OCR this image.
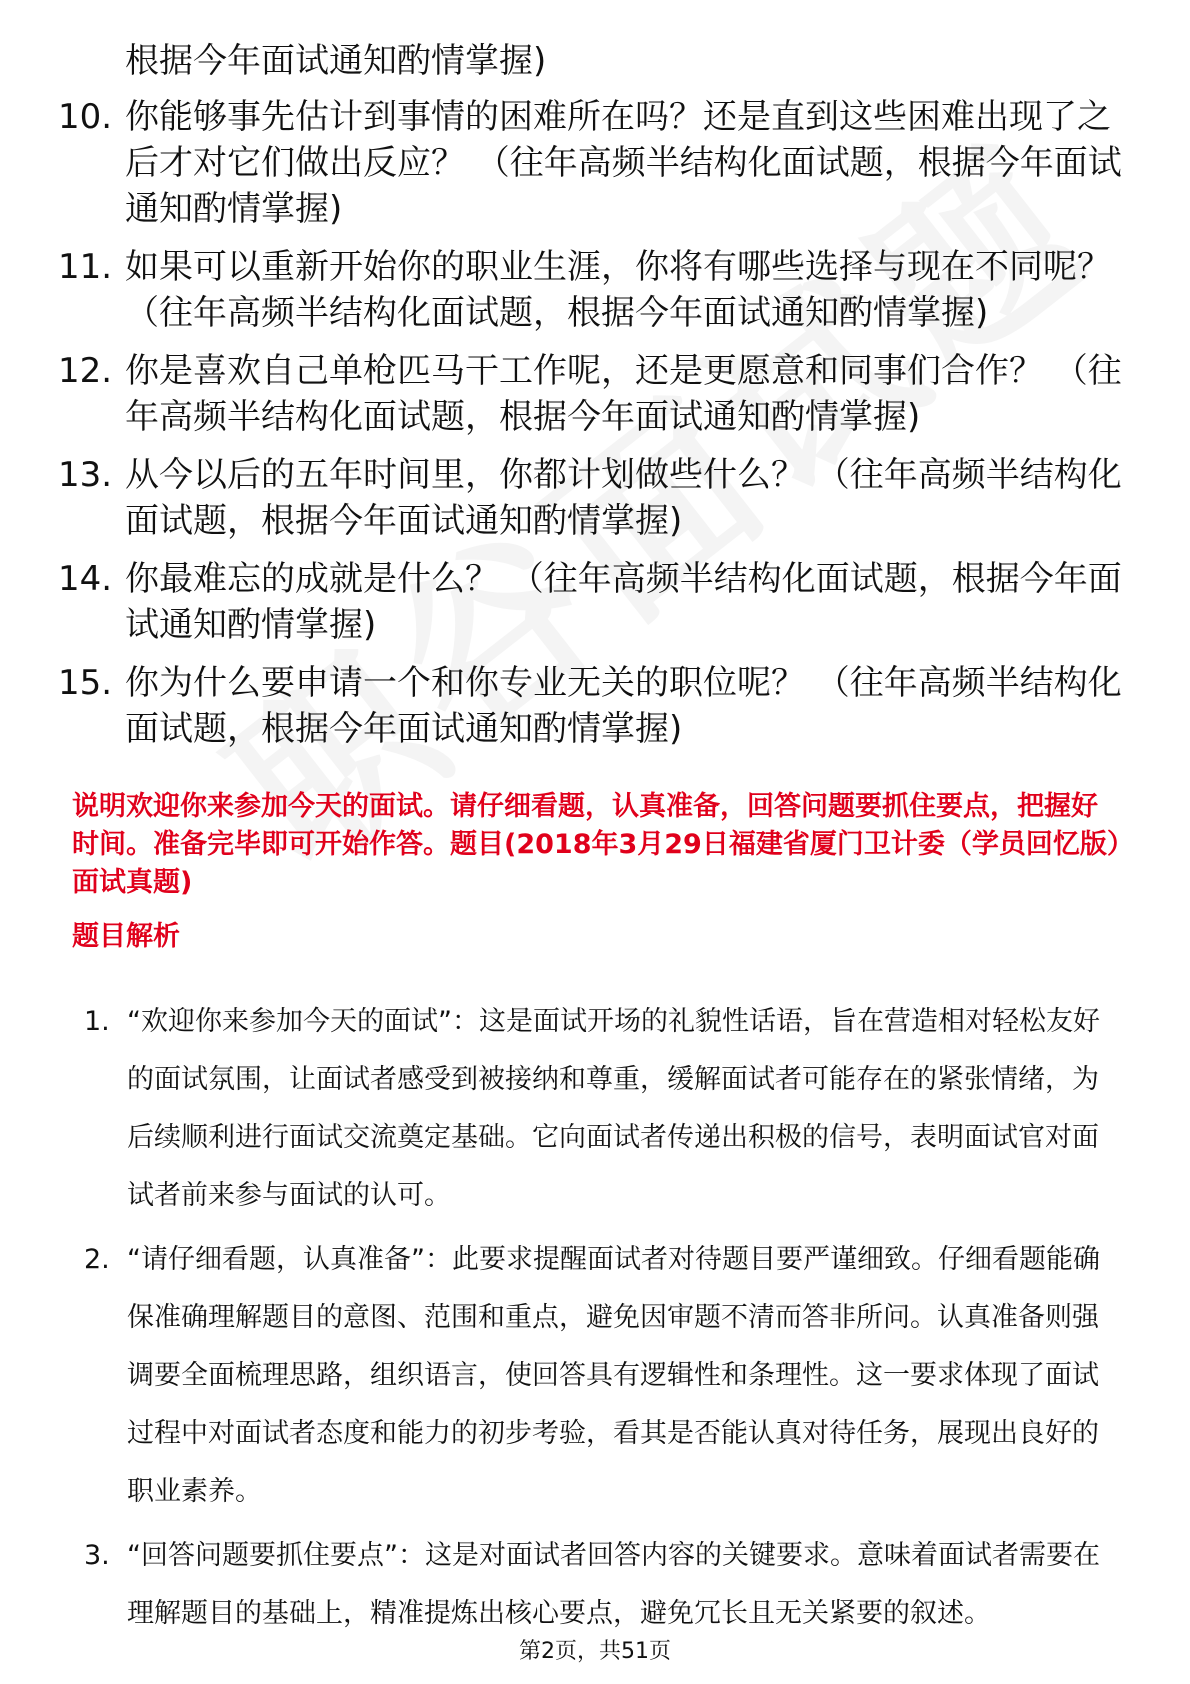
根据今年面试通知酌情掌握)
10. 你能够事先估计到事情的困难所在吗？还是直到这些困难出现了之后才对它们做出反应？ （往年高频半结构化面试题，根据今年面试通知酌情掌握)
11. 如果可以重新开始你的职业生涯，你将有哪些选择与现在不同呢？ （往年高频半结构化面试题，根据今年面试通知酌情掌握)
12. 你是喜欢自己单枪匹马干工作呢，还是更愿意和同事们合作？ （往年高频半结构化面试题，根据今年面试通知酌情掌握)
13. 从今以后的五年时间里，你都计划做些什么？ （往年高频半结构化面试题，根据今年面试通知酌情掌握)
14. 你最难忘的成就是什么？ （往年高频半结构化面试题，根据今年面试通知酌情掌握)
15. 你为什么要申请一个和你专业无关的职位呢？ （往年高频半结构化面试题，根据今年面试通知酌情掌握)
说明欢迎你来参加今天的面试。请仔细看题，认真准备，回答问题要抓住要点，把握好时间。准备完毕即可开始作答。题目(2018年3月29日福建省厦门卫计委（学员回忆版）面试真题)
题目解析
1. “欢迎你来参加今天的面试”：这是面试开场的礼貌性话语，旨在营造相对轻松友好的面试氛围，让面试者感受到被接纳和尊重，缓解面试者可能存在的紧张情绪，为后续顺利进行面试交流奠定基础。它向面试者传递出积极的信号，表明面试官对面试者前来参与面试的认可。
2. “请仔细看题，认真准备”：此要求提醒面试者对待题目要严谨细致。仔细看题能确保准确理解题目的意图、范围和重点，避免因审题不清而答非所问。认真准备则强调要全面梳理思路，组织语言，使回答具有逻辑性和条理性。这一要求体现了面试过程中对面试者态度和能力的初步考验，看其是否能认真对待任务，展现出良好的职业素养。
3. “回答问题要抓住要点”：这是对面试者回答内容的关键要求。意味着面试者需要在理解题目的基础上，精准提炼出核心要点，避免冗长且无关紧要的叙述。
第2页，共51页
